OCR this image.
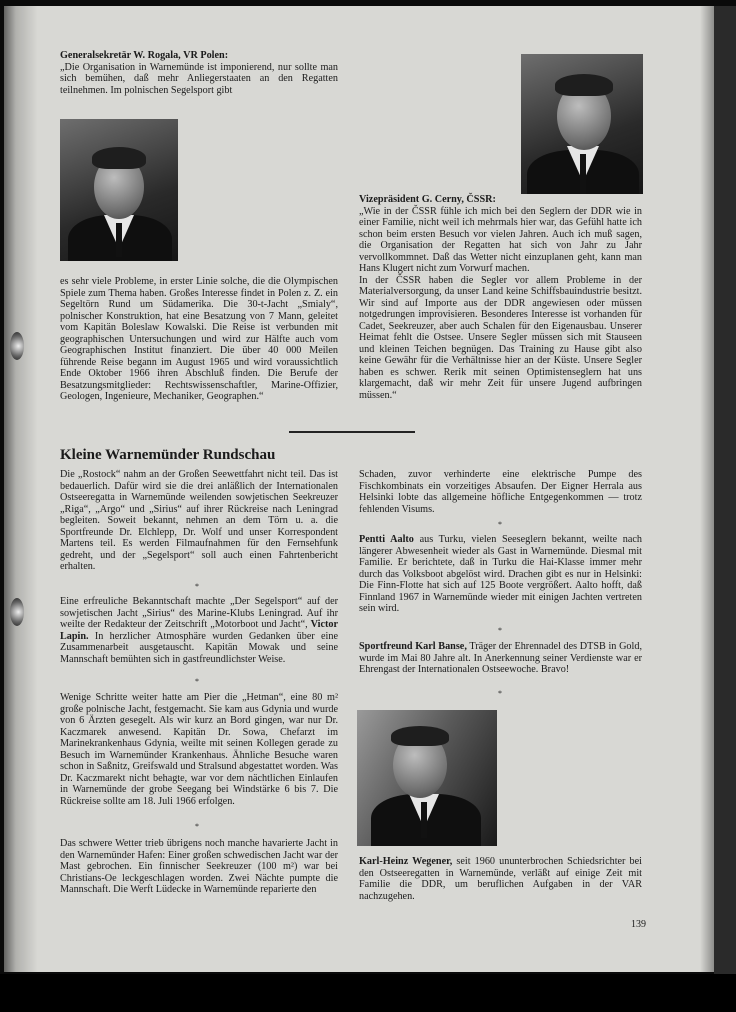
Generalsekretär W. Rogala, VR Polen:

„Die Organisation in Warnemünde ist imponierend, nur sollte man sich bemühen, daß mehr Anliegerstaaten an den Regatten teilnehmen. Im polnischen Segelsport gibt

es sehr viele Probleme, in erster Linie solche, die die Olympischen Spiele zum Thema haben. Großes Interesse findet in Polen z. Z. ein Segeltörn Rund um Südamerika. Die 30-t-Jacht „Smialy“, polnischer Konstruktion, hat eine Besatzung von 7 Mann, geleitet vom Kapitän Boleslaw Kowalski. Die Reise ist verbunden mit geographischen Untersuchungen und wird zur Hälfte auch vom Geographischen Institut finanziert. Die über 40 000 Meilen führende Reise begann im August 1965 und wird voraussichtlich Ende Oktober 1966 ihren Abschluß finden. Die Berufe der Besatzungsmitglieder: Rechtswissenschaftler, Marine-Offizier, Geologen, Ingenieure, Mechaniker, Geographen.“

Vizepräsident G. Cerny, ČSSR:

„Wie in der ČSSR fühle ich mich bei den Seglern der DDR wie in einer Familie, nicht weil ich mehrmals hier war, das Gefühl hatte ich schon beim ersten Besuch vor vielen Jahren. Auch ich muß sagen, die Organisation der Regatten hat sich von Jahr zu Jahr vervollkommnet. Daß das Wetter nicht einzuplanen geht, kann man Hans Klugert nicht zum Vorwurf machen.

In der ČSSR haben die Segler vor allem Probleme in der Materialversorgung, da unser Land keine Schiffsbauindustrie besitzt. Wir sind auf Importe aus der DDR angewiesen oder müssen notgedrungen improvisieren. Besonderes Interesse ist vorhanden für Cadet, Seekreuzer, aber auch Schalen für den Eigenausbau. Unserer Heimat fehlt die Ostsee. Unsere Segler müssen sich mit Stauseen und kleinen Teichen begnügen. Das Training zu Hause gibt also keine Gewähr für die Verhältnisse hier an der Küste. Unsere Segler haben es schwer. Rerik mit seinen Optimistenseglern hat uns klargemacht, daß wir mehr Zeit für unsere Jugend aufbringen müssen.“

Kleine Warnemünder Rundschau

Die „Rostock“ nahm an der Großen Seewettfahrt nicht teil. Das ist bedauerlich. Dafür wird sie die drei anläßlich der Internationalen Ostseeregatta in Warnemünde weilenden sowjetischen Seekreuzer „Riga“, „Argo“ und „Sirius“ auf ihrer Rückreise nach Leningrad begleiten. Soweit bekannt, nehmen an dem Törn u. a. die Sportfreunde Dr. Elchlepp, Dr. Wolf und unser Korrespondent Martens teil. Es werden Filmaufnahmen für den Fernsehfunk gedreht, und der „Segelsport“ soll auch einen Fahrtenbericht erhalten.

*

Eine erfreuliche Bekanntschaft machte „Der Segelsport“ auf der sowjetischen Jacht „Sirius“ des Marine-Klubs Leningrad. Auf ihr weilte der Redakteur der Zeitschrift „Motorboot und Jacht“, Victor Lapin. In herzlicher Atmosphäre wurden Gedanken über eine Zusammenarbeit ausgetauscht. Kapitän Mowak und seine Mannschaft bemühten sich in gastfreundlichster Weise.

*

Wenige Schritte weiter hatte am Pier die „Hetman“, eine 80 m² große polnische Jacht, festgemacht. Sie kam aus Gdynia und wurde von 6 Ärzten gesegelt. Als wir kurz an Bord gingen, war nur Dr. Kaczmarek anwesend. Kapitän Dr. Sowa, Chefarzt im Marinekrankenhaus Gdynia, weilte mit seinen Kollegen gerade zu Besuch im Warnemünder Krankenhaus. Ähnliche Besuche waren schon in Saßnitz, Greifswald und Stralsund abgestattet worden. Was Dr. Kaczmarekt nicht behagte, war vor dem nächtlichen Einlaufen in Warnemünde der grobe Seegang bei Windstärke 6 bis 7. Die Rückreise sollte am 18. Juli 1966 erfolgen.

*

Das schwere Wetter trieb übrigens noch manche havarierte Jacht in den Warnemünder Hafen: Einer großen schwedischen Jacht war der Mast gebrochen. Ein finnischer Seekreuzer (100 m²) war bei Christians-Oe leckgeschlagen worden. Zwei Nächte pumpte die Mannschaft. Die Werft Lüdecke in Warnemünde reparierte den

Schaden, zuvor verhinderte eine elektrische Pumpe des Fischkombinats ein vorzeitiges Absaufen. Der Eigner Herrala aus Helsinki lobte das allgemeine höfliche Entgegenkommen — trotz fehlenden Visums.

*

Pentti Aalto aus Turku, vielen Seeseglern bekannt, weilte nach längerer Abwesenheit wieder als Gast in Warnemünde. Diesmal mit Familie. Er berichtete, daß in Turku die Hai-Klasse immer mehr durch das Volksboot abgelöst wird. Drachen gibt es nur in Helsinki: Die Finn-Flotte hat sich auf 125 Boote vergrößert. Aalto hofft, daß Finnland 1967 in Warnemünde wieder mit einigen Jachten vertreten sein wird.

*

Sportfreund Karl Banse, Träger der Ehrennadel des DTSB in Gold, wurde im Mai 80 Jahre alt. In Anerkennung seiner Verdienste war er Ehrengast der Internationalen Ostseewoche. Bravo!

*

Karl-Heinz Wegener, seit 1960 ununterbrochen Schiedsrichter bei den Ostseeregatten in Warnemünde, verläßt auf einige Zeit mit Familie die DDR, um beruflichen Aufgaben in der VAR nachzugehen.

139
